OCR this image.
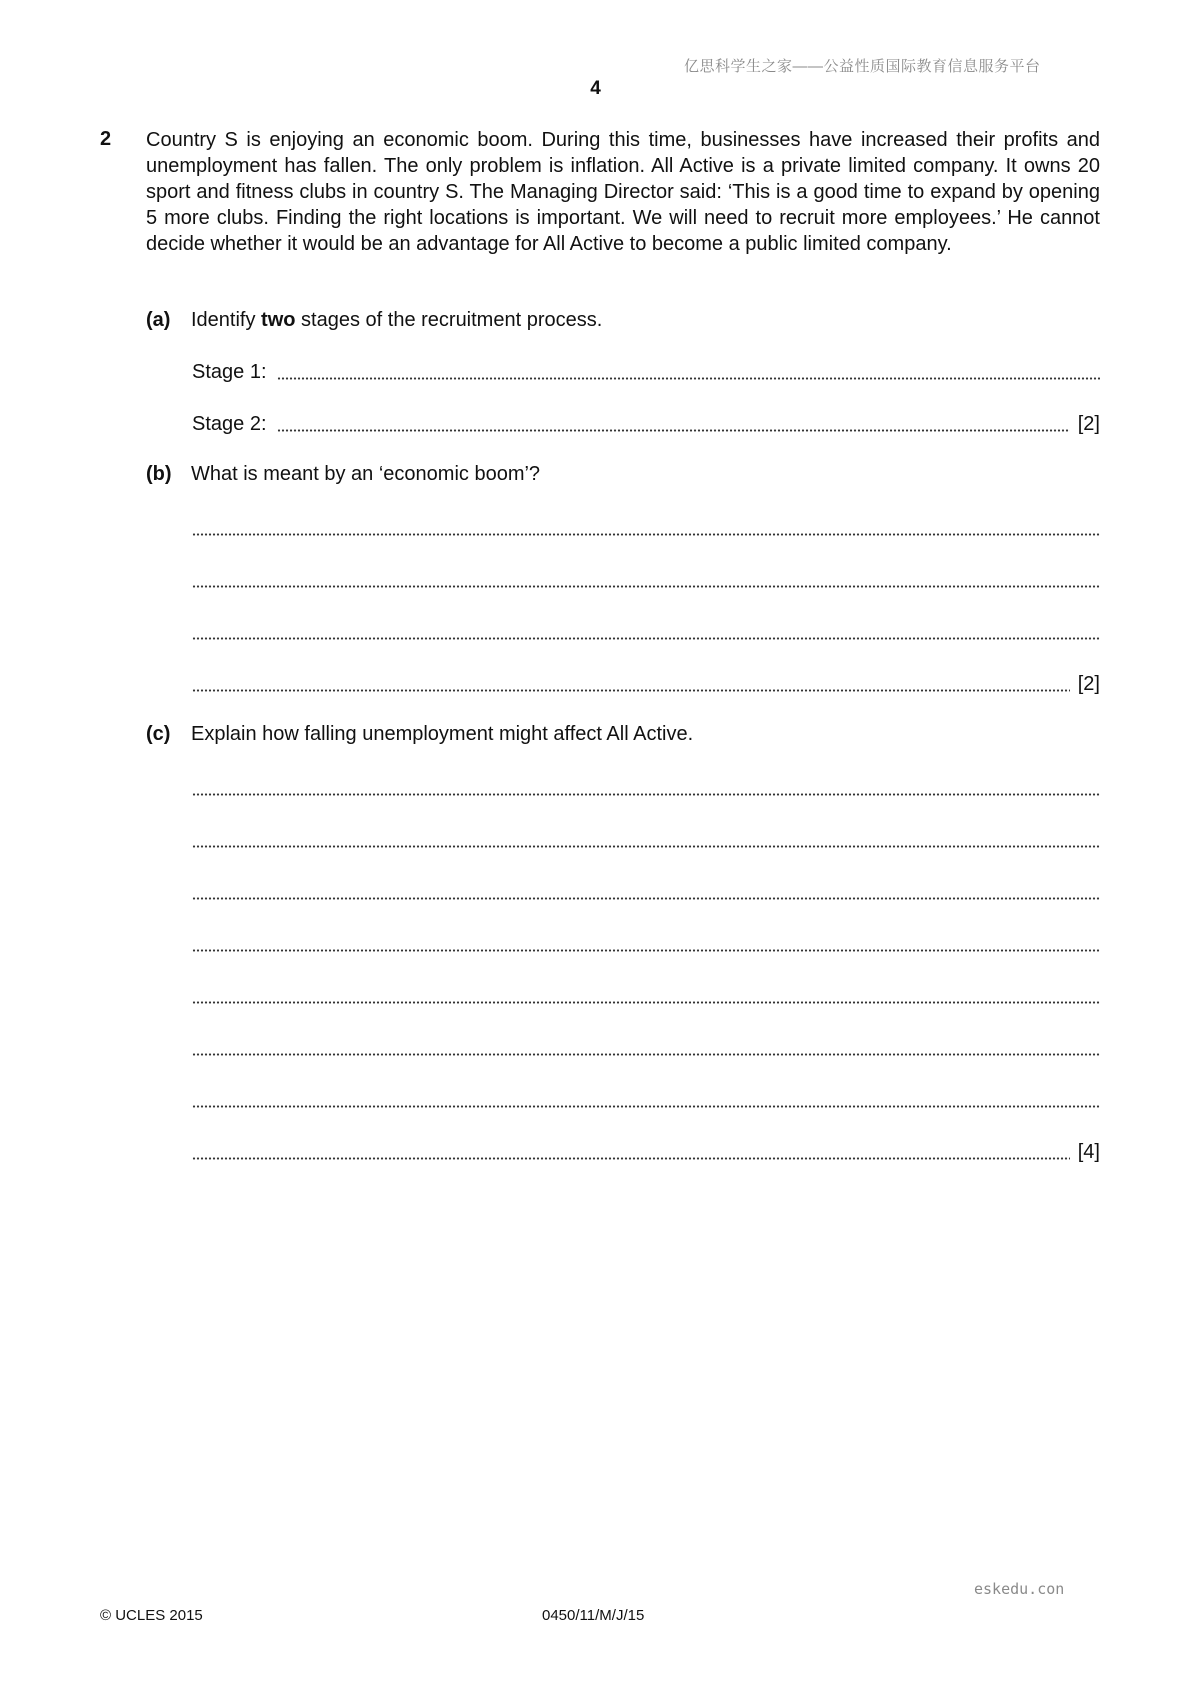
亿思科学生之家——公益性质国际教育信息服务平台
4
2 Country S is enjoying an economic boom. During this time, businesses have increased their profits and unemployment has fallen. The only problem is inflation. All Active is a private limited company. It owns 20 sport and fitness clubs in country S. The Managing Director said: ‘This is a good time to expand by opening 5 more clubs. Finding the right locations is important. We will need to recruit more employees.’ He cannot decide whether it would be an advantage for All Active to become a public limited company.
(a) Identify two stages of the recruitment process.
Stage 1:
Stage 2:	[2]
(b) What is meant by an ‘economic boom’?
[2]
(c) Explain how falling unemployment might affect All Active.
[4]
eskedu.con
© UCLES 2015	0450/11/M/J/15
